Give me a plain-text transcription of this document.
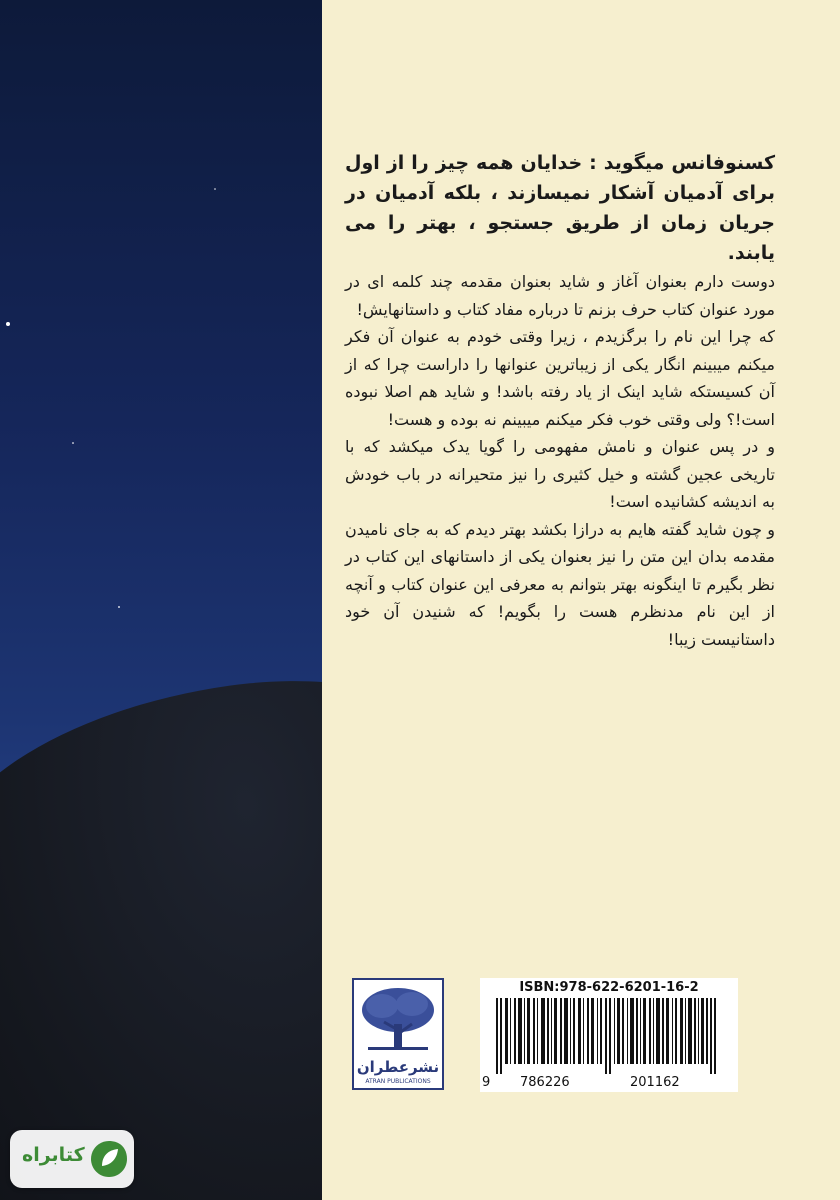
کسنوفانس میگوید : خدایان همه چیز را از اول برای آدمیان آشکار نمیسازند ، بلکه آدمیان در جریان زمان از طریق جستجو ، بهتر را می یابند.

دوست دارم بعنوان آغاز و شاید بعنوان مقدمه چند کلمه ای در مورد عنوان کتاب حرف بزنم تا درباره مفاد کتاب و داستانهایش!

که چرا این نام را برگزیدم ، زیرا وقتی خودم به عنوان آن فکر میکنم میبینم انگار یکی از زیباترین عنوانها را داراست چرا که از آن کسیستکه شاید اینک از یاد رفته باشد! و شاید هم اصلا نبوده است!؟ ولی وقتی خوب فکر میکنم میبینم نه بوده و هست!

و در پس عنوان و نامش مفهومی را گویا یدک میکشد که با تاریخی عجین گشته و خیل کثیری را نیز متحیرانه در باب خودش به اندیشه کشانیده است!

و چون شاید گفته هایم به درازا بکشد بهتر دیدم که به جای نامیدن مقدمه بدان این متن را نیز بعنوان یکی از داستانهای این کتاب در نظر بگیرم تا اینگونه بهتر بتوانم به معرفی این عنوان کتاب و آنچه از این نام مدنظرم هست را بگویم! که شنیدن آن خود داستانیست زیبا!

نشرعطران
ATRAN PUBLICATIONS
ISBN:978-622-6201-16-2
9 786226	201162
کتابراه
